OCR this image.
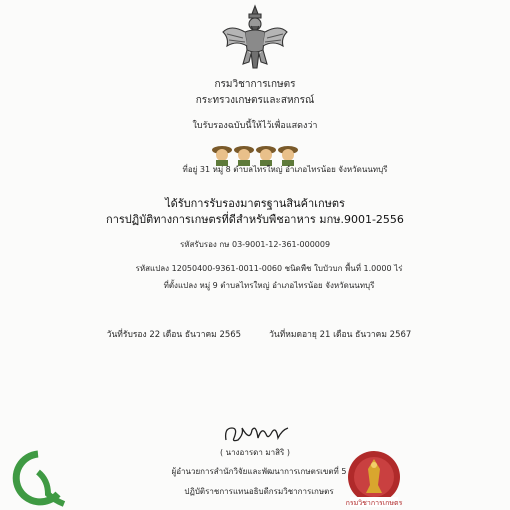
กรมวิชาการเกษตร
กระทรวงเกษตรและสหกรณ์
ใบรับรองฉบับนี้ให้ไว้เพื่อแสดงว่า
ที่อยู่ 31 หมู่ 8 ตำบลไทรใหญ่ อำเภอไทรน้อย จังหวัดนนทบุรี
ได้รับการรับรองมาตรฐานสินค้าเกษตร
การปฏิบัติทางการเกษตรที่ดีสำหรับพืชอาหาร มกษ.9001-2556
รหัสรับรอง กษ 03-9001-12-361-000009
รหัสแปลง 12050400-9361-0011-0060 ชนิดพืช ใบบัวบก พื้นที่ 1.0000 ไร่
ที่ตั้งแปลง หมู่ 9 ตำบลไทรใหญ่ อำเภอไทรน้อย จังหวัดนนทบุรี
วันที่รับรอง 22 เดือน ธันวาคม 2565	วันที่หมดอายุ 21 เดือน ธันวาคม 2567
( นางอารดา มาสิริ )
ผู้อำนวยการสำนักวิจัยและพัฒนาการเกษตรเขตที่ 5
ปฏิบัติราชการแทนอธิบดีกรมวิชาการเกษตร
กรมวิชาการเกษตร
